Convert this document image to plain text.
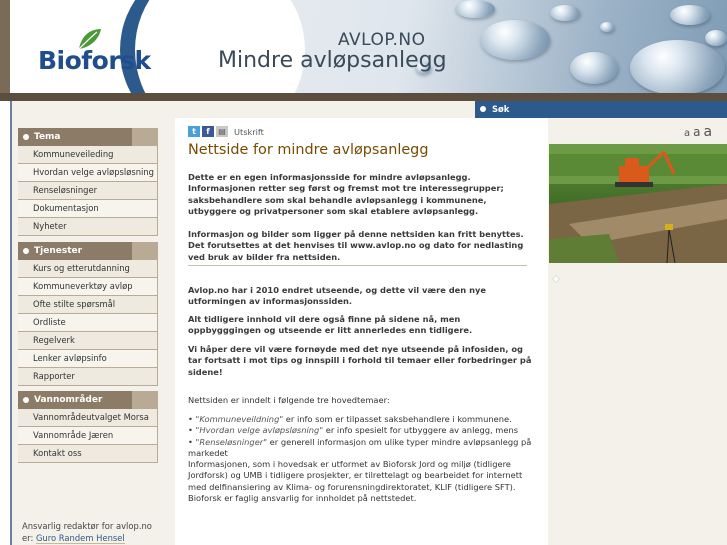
Bioforsk
AVLOP.NO
Mindre avløpsanlegg
Tema
Kommuneveileding
Hvordan velge avløpsløsning
Renseløsninger
Dokumentasjon
Nyheter
Tjenester
Kurs og etterutdanning
Kommuneverktøy avløp
Ofte stilte spørsmål
Ordliste
Regelverk
Lenker avløpsinfo
Rapporter
Vannområder
Vannområdeutvalget Morsa
Vannområde Jæren
Kontakt oss
Ansvarlig redaktør for avlop.no
er: Guro Randem Hensel
t	f	▤ Utskrift
Nettside for mindre avløpsanlegg
Dette er en egen informasjonsside for mindre avløpsanlegg. Informasjonen retter seg først og fremst mot tre interessegrupper; saksbehandlere som skal behandle avløpsanlegg i kommunene, utbyggere og privatpersoner som skal etablere avløpsanlegg.
Informasjon og bilder som ligger på denne nettsiden kan fritt benyttes. Det forutsettes at det henvises til www.avlop.no og dato for nedlasting ved bruk av bilder fra nettsiden.
Avlop.no har i 2010 endret utseende, og dette vil være den nye utformingen av informasjonssiden.
Alt tidligere innhold vil dere også finne på sidene nå, men oppbygggingen og utseende er litt annerledes enn tidligere.
Vi håper dere vil være fornøyde med det nye utseende på infosiden, og tar fortsatt i mot tips og innspill i forhold til temaer eller forbedringer på sidene!
Nettsiden er inndelt i følgende tre hovedtemaer:
• "Kommuneveildning" er info som er tilpasset saksbehandlere i kommunene.
• "Hvordan velge avløpsløsning" er info spesielt for utbyggere av anlegg, mens
• "Renseløsninger" er generell informasjon om ulike typer mindre avløpsanlegg på markedet
Informasjonen, som i hovedsak er utformet av Bioforsk Jord og miljø (tidligere Jordforsk) og UMB i tidligere prosjekter, er tilrettelagt og bearbeidet for internett med delfinansiering av Klima- og forurensningdirektoratet, KLIF (tidligere SFT). Bioforsk er faglig ansvarlig for innholdet på nettstedet.
Søk
a a a
